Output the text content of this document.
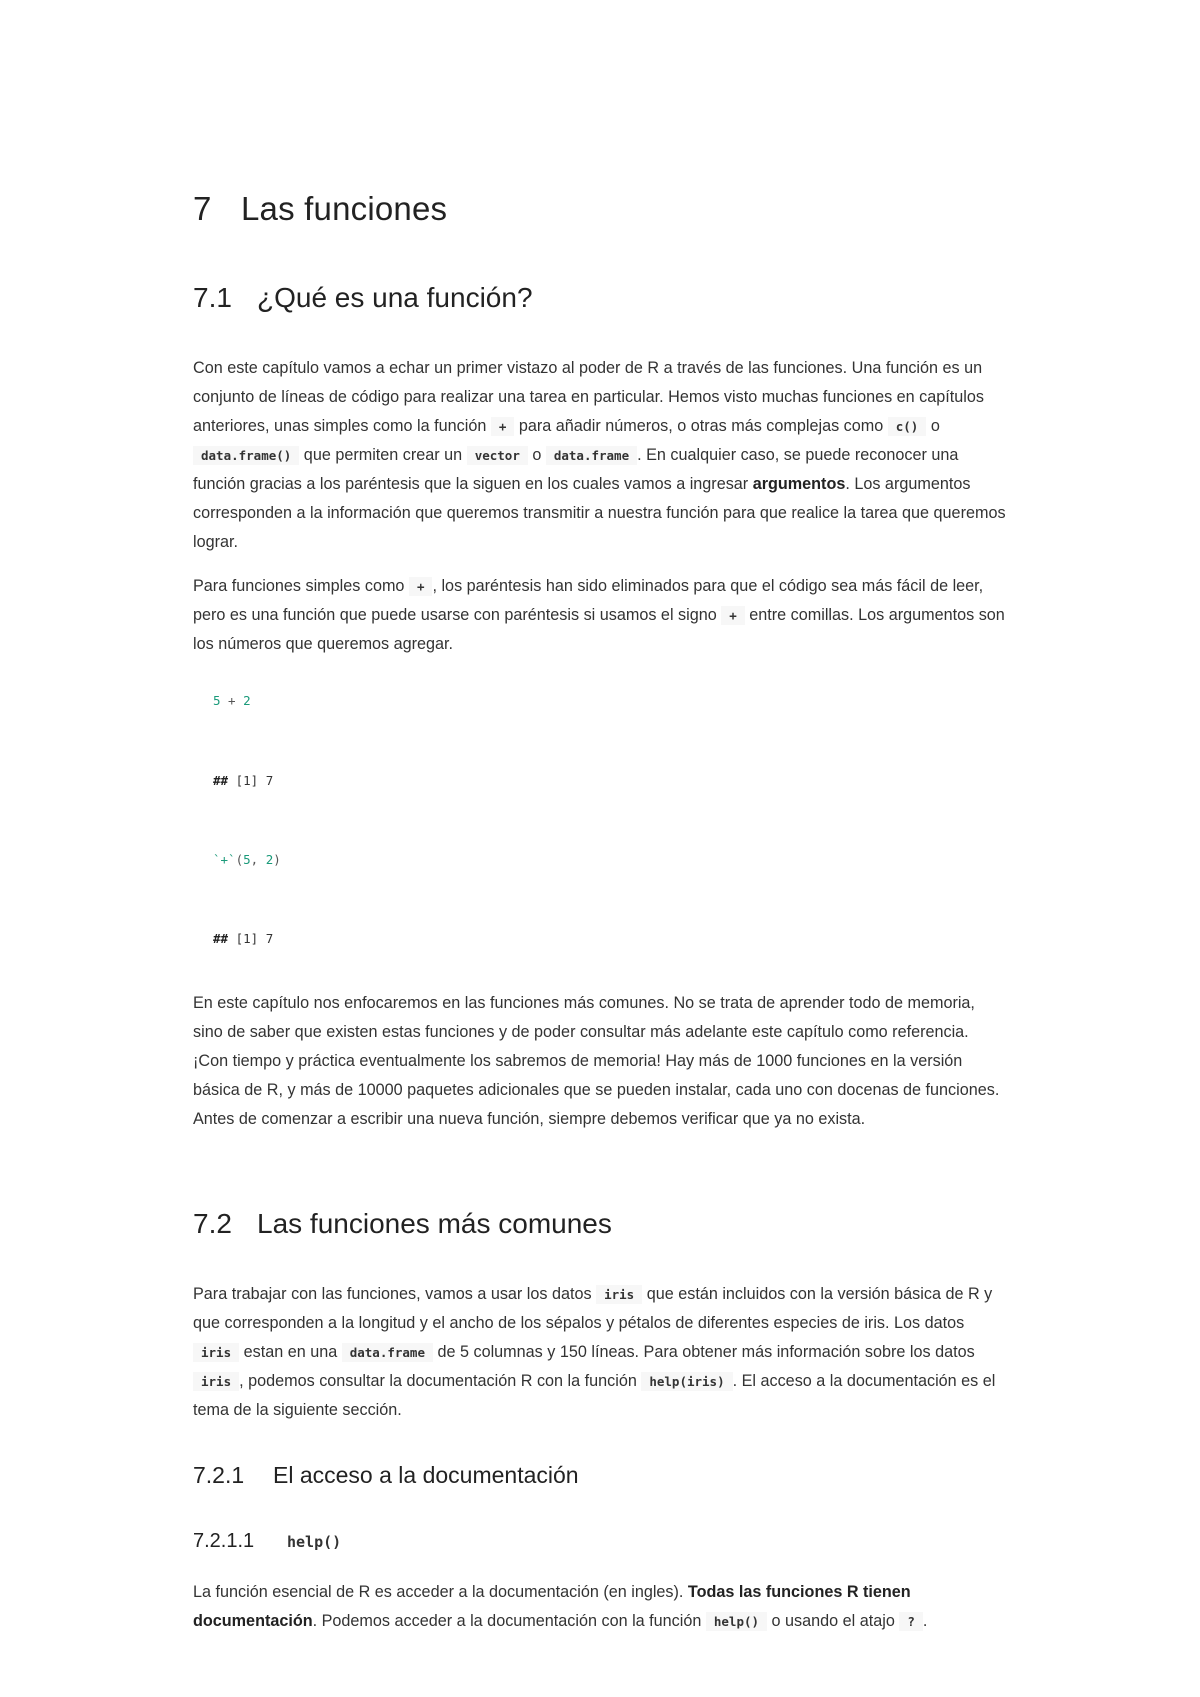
7 Las funciones
7.1 ¿Qué es una función?

Con este capítulo vamos a echar un primer vistazo al poder de R a través de las funciones. Una función es un conjunto de líneas de código para realizar una tarea en particular. Hemos visto muchas funciones en capítulos anteriores, unas simples como la función + para añadir números, o otras más complejas como c() o data.frame() que permiten crear un vector o data.frame . En cualquier caso, se puede reconocer una función gracias a los paréntesis que la siguen en los cuales vamos a ingresar argumentos. Los argumentos corresponden a la información que queremos transmitir a nuestra función para que realice la tarea que queremos lograr.

Para funciones simples como + , los paréntesis han sido eliminados para que el código sea más fácil de leer, pero es una función que puede usarse con paréntesis si usamos el signo + entre comillas. Los argumentos son los números que queremos agregar.

5 + 2
## [1] 7
`+`(5, 2)
## [1] 7

En este capítulo nos enfocaremos en las funciones más comunes. No se trata de aprender todo de memoria, sino de saber que existen estas funciones y de poder consultar más adelante este capítulo como referencia. ¡Con tiempo y práctica eventualmente los sabremos de memoria! Hay más de 1000 funciones en la versión básica de R, y más de 10000 paquetes adicionales que se pueden instalar, cada uno con docenas de funciones. Antes de comenzar a escribir una nueva función, siempre debemos verificar que ya no exista.

7.2 Las funciones más comunes

Para trabajar con las funciones, vamos a usar los datos iris que están incluidos con la versión básica de R y que corresponden a la longitud y el ancho de los sépalos y pétalos de diferentes especies de iris. Los datos iris estan en una data.frame de 5 columnas y 150 líneas. Para obtener más información sobre los datos iris , podemos consultar la documentación R con la función help(iris) . El acceso a la documentación es el tema de la siguiente sección.

7.2.1 El acceso a la documentación
7.2.1.1 help()

La función esencial de R es acceder a la documentación (en ingles). Todas las funciones R tienen documentación. Podemos acceder a la documentación con la función help() o usando el atajo ? .
